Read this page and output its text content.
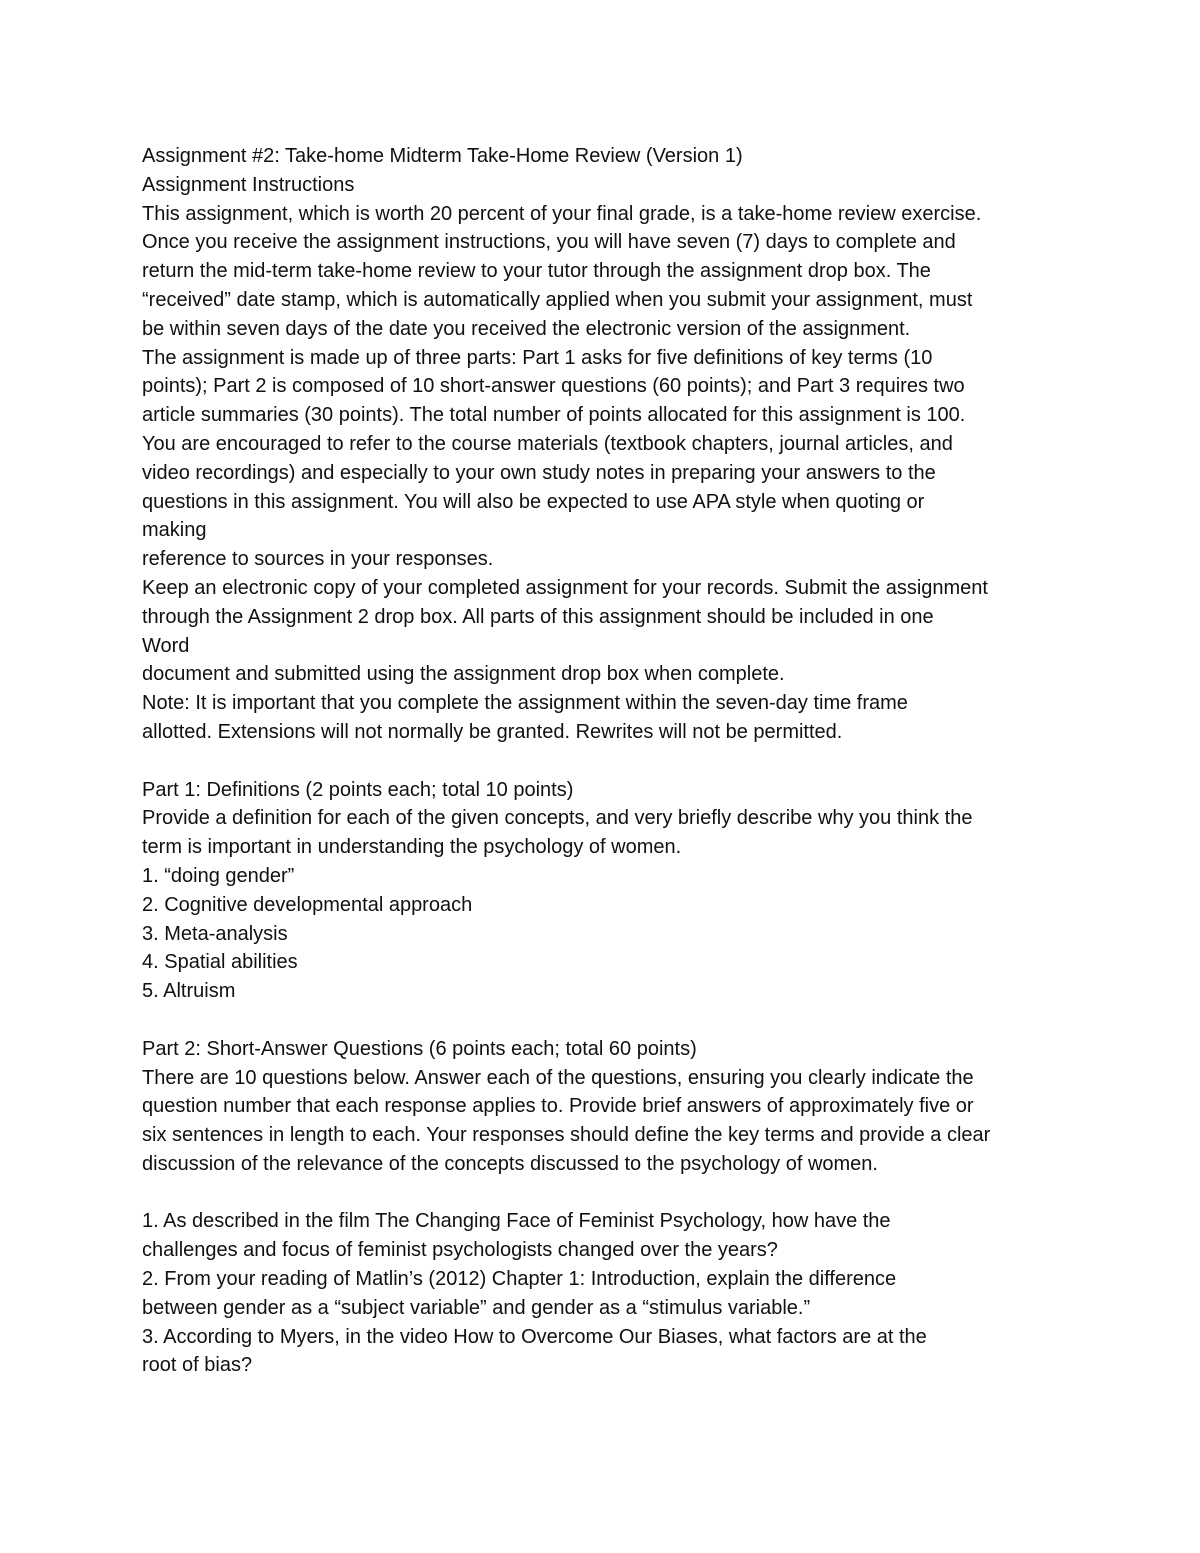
Assignment #2: Take-home Midterm Take-Home Review (Version 1)
Assignment Instructions
This assignment, which is worth 20 percent of your final grade, is a take-home review exercise.
Once you receive the assignment instructions, you will have seven (7) days to complete and
return the mid-term take-home review to your tutor through the assignment drop box. The
“received” date stamp, which is automatically applied when you submit your assignment, must
be within seven days of the date you received the electronic version of the assignment.
The assignment is made up of three parts: Part 1 asks for five definitions of key terms (10
points); Part 2 is composed of 10 short-answer questions (60 points); and Part 3 requires two
article summaries (30 points). The total number of points allocated for this assignment is 100.
You are encouraged to refer to the course materials (textbook chapters, journal articles, and
video recordings) and especially to your own study notes in preparing your answers to the
questions in this assignment. You will also be expected to use APA style when quoting or
making
reference to sources in your responses.
Keep an electronic copy of your completed assignment for your records. Submit the assignment
through the Assignment 2 drop box. All parts of this assignment should be included in one
Word
document and submitted using the assignment drop box when complete.
Note: It is important that you complete the assignment within the seven-day time frame
allotted. Extensions will not normally be granted. Rewrites will not be permitted.
Part 1: Definitions (2 points each; total 10 points)
Provide a definition for each of the given concepts, and very briefly describe why you think the
term is important in understanding the psychology of women.
1. “doing gender”
2. Cognitive developmental approach
3. Meta-analysis
4. Spatial abilities
5. Altruism
Part 2: Short-Answer Questions (6 points each; total 60 points)
There are 10 questions below. Answer each of the questions, ensuring you clearly indicate the
question number that each response applies to. Provide brief answers of approximately five or
six sentences in length to each. Your responses should define the key terms and provide a clear
discussion of the relevance of the concepts discussed to the psychology of women.
1. As described in the film The Changing Face of Feminist Psychology, how have the
challenges and focus of feminist psychologists changed over the years?
2. From your reading of Matlin’s (2012) Chapter 1: Introduction, explain the difference
between gender as a “subject variable” and gender as a “stimulus variable.”
3. According to Myers, in the video How to Overcome Our Biases, what factors are at the
root of bias?
